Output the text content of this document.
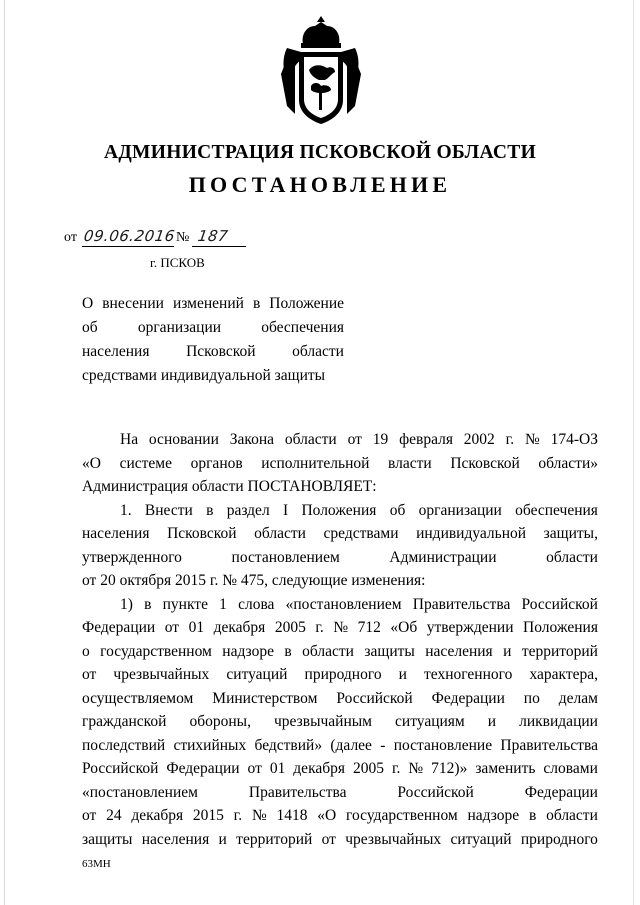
АДМИНИСТРАЦИЯ ПСКОВСКОЙ ОБЛАСТИ
ПОСТАНОВЛЕНИЕ
от 09.06.2016 № 187
г. ПСКОВ
О внесении изменений в Положение
об	организации	обеспечения
населения Псковской области
средствами индивидуальной защиты
На основании Закона области от 19 февраля 2002 г. № 174-ОЗ
«О системе органов исполнительной власти Псковской области»
Администрация области ПОСТАНОВЛЯЕТ:
1. Внести в раздел I Положения об организации обеспечения
населения Псковской области средствами индивидуальной защиты,
утвержденного	постановлением	Администрации	области
от 20 октября 2015 г. № 475, следующие изменения:
1) в пункте 1 слова «постановлением Правительства Российской
Федерации от 01 декабря 2005 г. № 712 «Об утверждении Положения
о государственном надзоре в области защиты населения и территорий
от чрезвычайных ситуаций природного и техногенного характера,
осуществляемом Министерством Российской Федерации по делам
гражданской обороны, чрезвычайным ситуациям и ликвидации
последствий стихийных бедствий» (далее - постановление Правительства
Российской Федерации от 01 декабря 2005 г. № 712)» заменить словами
«постановлением	Правительства	Российской	Федерации
от 24 декабря 2015 г. № 1418 «О государственном надзоре в области
защиты населения и территорий от чрезвычайных ситуаций природного
63МН
